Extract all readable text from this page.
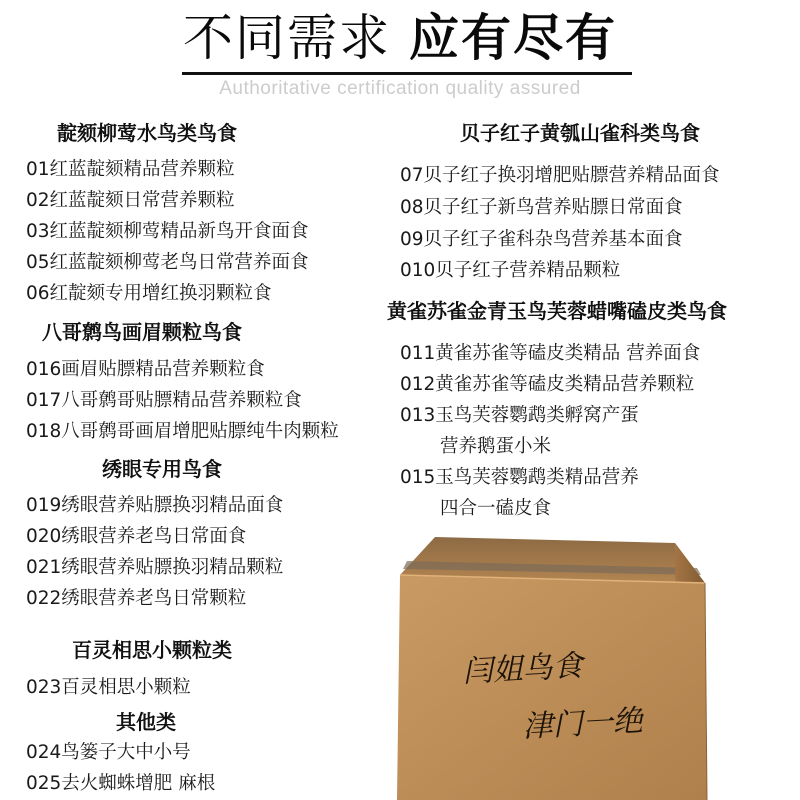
不同需求 应有尽有
Authoritative certification quality assured
靛颏柳莺水鸟类鸟食
01红蓝靛颏精品营养颗粒
02红蓝靛颏日常营养颗粒
03红蓝靛颏柳莺精品新鸟开食面食
05红蓝靛颏柳莺老鸟日常营养面食
06红靛颏专用增红换羽颗粒食
八哥鹩鸟画眉颗粒鸟食
016画眉贴膘精品营养颗粒食
017八哥鹩哥贴膘精品营养颗粒食
018八哥鹩哥画眉增肥贴膘纯牛肉颗粒
绣眼专用鸟食
019绣眼营养贴膘换羽精品面食
020绣眼营养老鸟日常面食
021绣眼营养贴膘换羽精品颗粒
022绣眼营养老鸟日常颗粒
百灵相思小颗粒类
023百灵相思小颗粒
其他类
024鸟篓子大中小号
025去火蜘蛛增肥 麻根
贝子红子黄瓠山雀科类鸟食
07贝子红子换羽增肥贴膘营养精品面食
08贝子红子新鸟营养贴膘日常面食
09贝子红子雀科杂鸟营养基本面食
010贝子红子营养精品颗粒
黄雀苏雀金青玉鸟芙蓉蜡嘴磕皮类鸟食
011黄雀苏雀等磕皮类精品 营养面食
012黄雀苏雀等磕皮类精品营养颗粒
013玉鸟芙蓉鹦鹉类孵窝产蛋
营养鹅蛋小米
015玉鸟芙蓉鹦鹉类精品营养
四合一磕皮食
闫姐鸟食
津门一绝
